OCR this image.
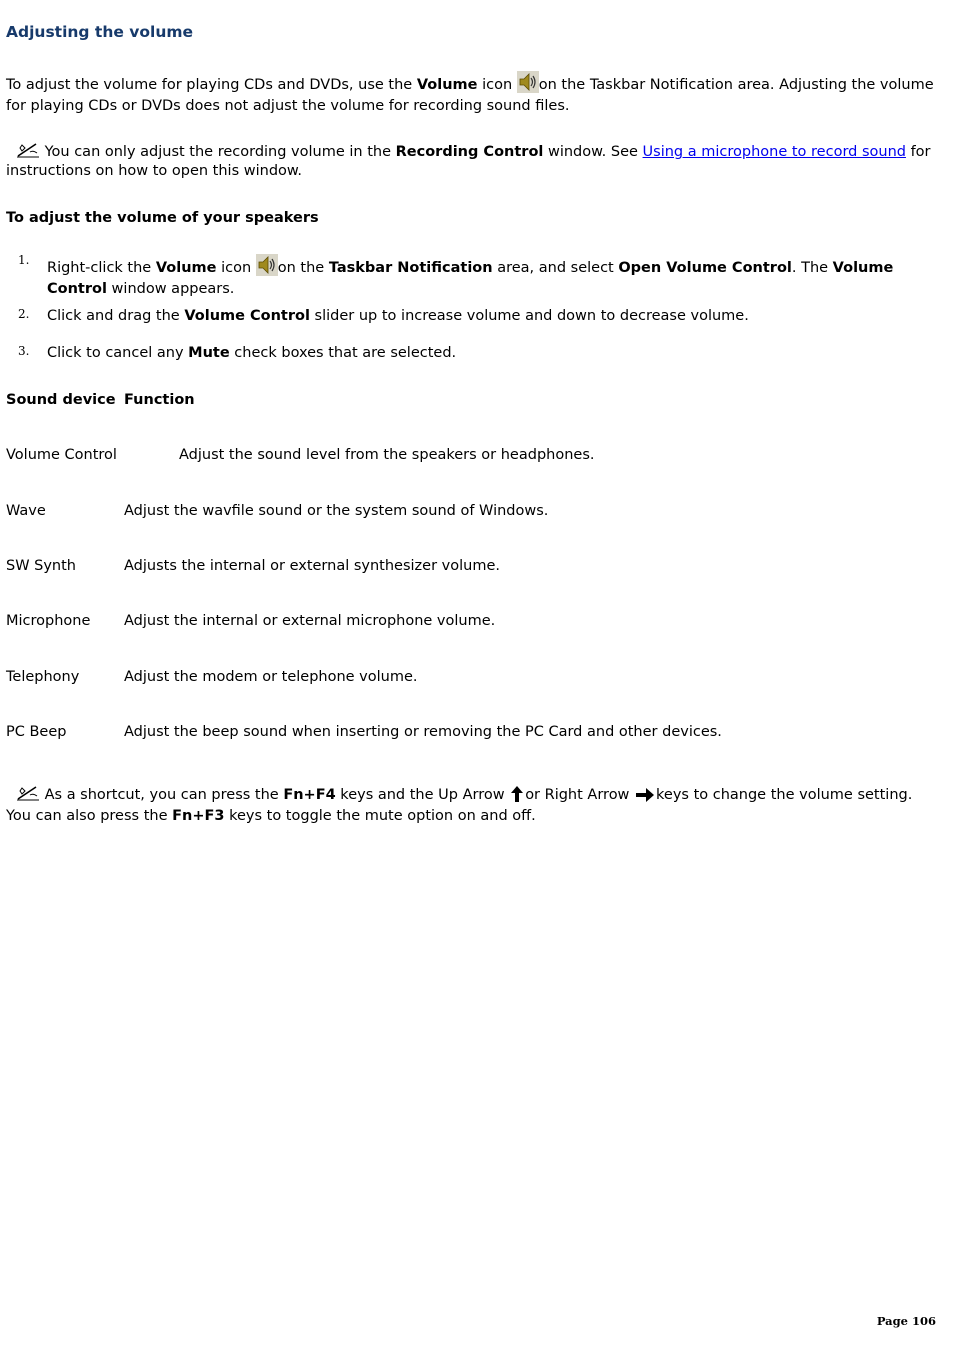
Adjusting the volume

To adjust the volume for playing CDs and DVDs, use the Volume icon on the Taskbar Notification area. Adjusting the volume for playing CDs or DVDs does not adjust the volume for recording sound files.

You can only adjust the recording volume in the Recording Control window. See Using a microphone to record sound for instructions on how to open this window.

To adjust the volume of your speakers
1. Right-click the Volume icon on the Taskbar Notification area, and select Open Volume Control. The Volume Control window appears.

2. Click and drag the Volume Control slider up to increase volume and down to decrease volume.

3. Click to cancel any Mute check boxes that are selected.

Sound device Function
Volume Control	Adjust the sound level from the speakers or headphones.
Wave	Adjust the wavfile sound or the system sound of Windows.
SW Synth	Adjusts the internal or external synthesizer volume.
Microphone Adjust the internal or external microphone volume.
Telephony	Adjust the modem or telephone volume.
PC Beep	Adjust the beep sound when inserting or removing the PC Card and other devices.

As a shortcut, you can press the Fn+F4 keys and the Up Arrow or Right Arrow keys to change the volume setting. You can also press the Fn+F3 keys to toggle the mute option on and off.

Page 106
